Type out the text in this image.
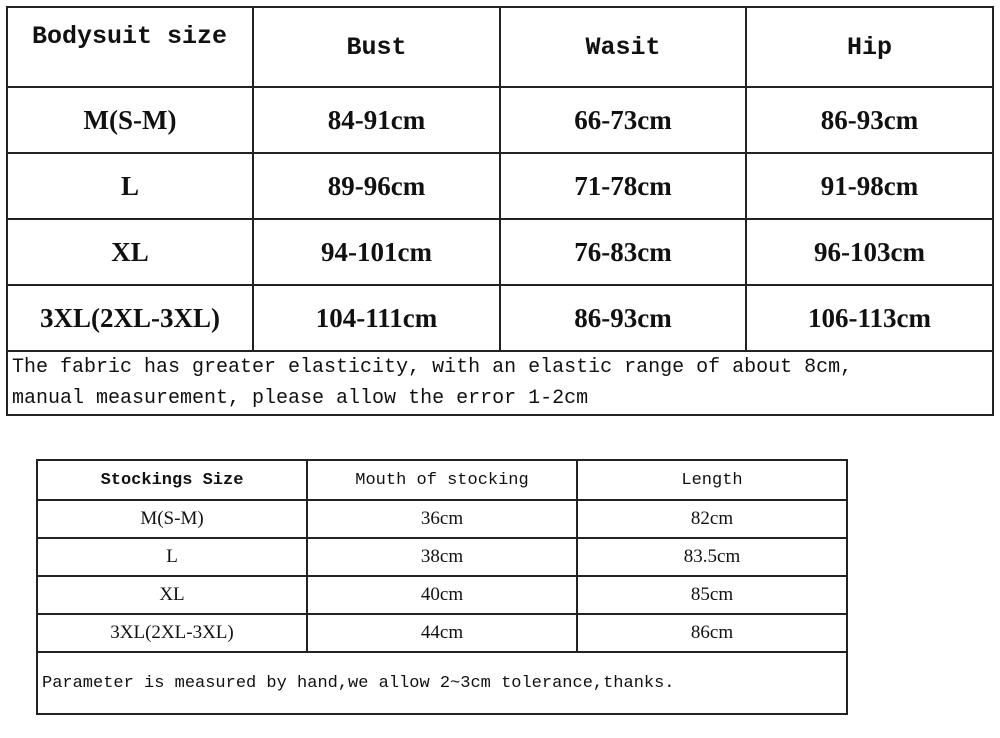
Bodysuit size	Bust	Wasit	Hip
M(S-M)	84-91cm	66-73cm	86-93cm
L	89-96cm	71-78cm	91-98cm
XL	94-101cm	76-83cm	96-103cm
3XL(2XL-3XL)	104-111cm	86-93cm	106-113cm

The fabric has greater elasticity, with an elastic range of about 8cm,
manual measurement, please allow the error 1-2cm			
Stockings Size	Mouth of stocking	Length
M(S-M)	36cm	82cm
L	38cm	83.5cm
XL	40cm	85cm
3XL(2XL-3XL)	44cm	86cm
Parameter is measured by hand,we allow 2~3cm tolerance,thanks.		
